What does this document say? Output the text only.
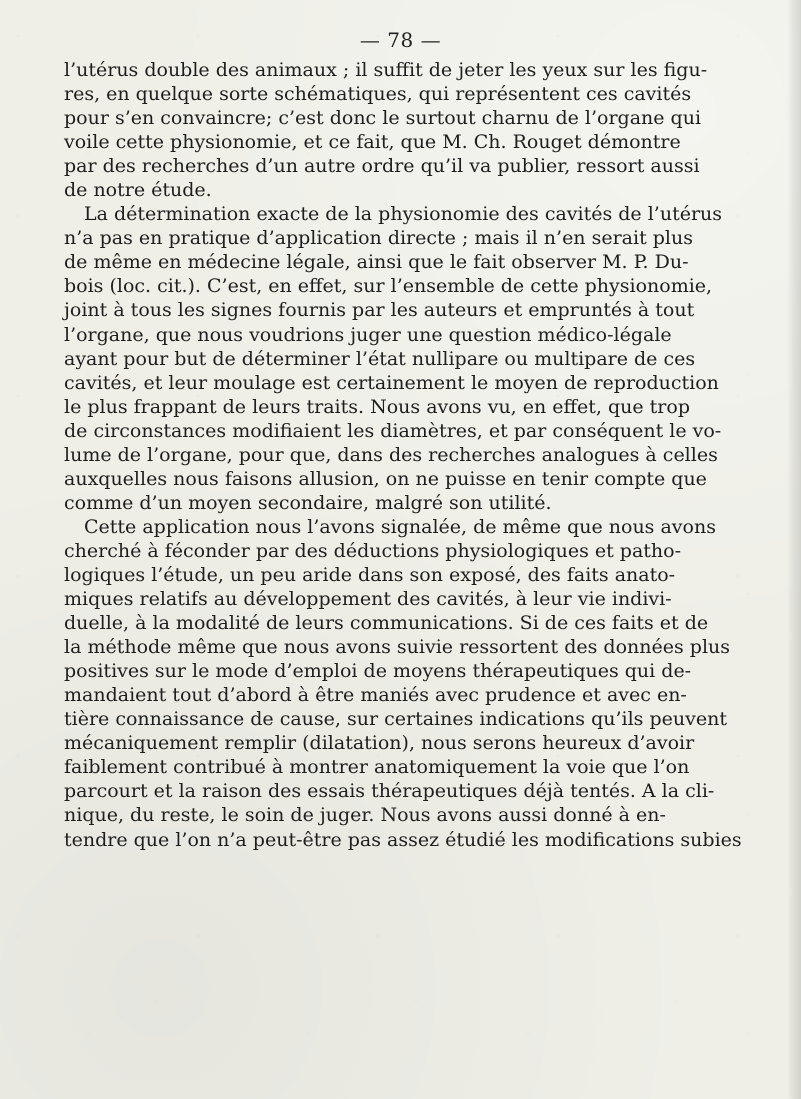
— 78 —

l’utérus double des animaux ; il suffit de jeter les yeux sur les figu-
res, en quelque sorte schématiques, qui représentent ces cavités
pour s’en convaincre; c’est donc le surtout charnu de l’organe qui
voile cette physionomie, et ce fait, que M. Ch. Rouget démontre
par des recherches d’un autre ordre qu’il va publier, ressort aussi
de notre étude.

La détermination exacte de la physionomie des cavités de l’utérus
n’a pas en pratique d’application directe ; mais il n’en serait plus
de même en médecine légale, ainsi que le fait observer M. P. Du-
bois (loc. cit.). C’est, en effet, sur l’ensemble de cette physionomie,
joint à tous les signes fournis par les auteurs et empruntés à tout
l’organe, que nous voudrions juger une question médico-légale
ayant pour but de déterminer l’état nullipare ou multipare de ces
cavités, et leur moulage est certainement le moyen de reproduction
le plus frappant de leurs traits. Nous avons vu, en effet, que trop
de circonstances modifiaient les diamètres, et par conséquent le vo-
lume de l’organe, pour que, dans des recherches analogues à celles
auxquelles nous faisons allusion, on ne puisse en tenir compte que
comme d’un moyen secondaire, malgré son utilité.

Cette application nous l’avons signalée, de même que nous avons
cherché à féconder par des déductions physiologiques et patho-
logiques l’étude, un peu aride dans son exposé, des faits anato-
miques relatifs au développement des cavités, à leur vie indivi-
duelle, à la modalité de leurs communications. Si de ces faits et de
la méthode même que nous avons suivie ressortent des données plus
positives sur le mode d’emploi de moyens thérapeutiques qui de-
mandaient tout d’abord à être maniés avec prudence et avec en-
tière connaissance de cause, sur certaines indications qu’ils peuvent
mécaniquement remplir (dilatation), nous serons heureux d’avoir
faiblement contribué à montrer anatomiquement la voie que l’on
parcourt et la raison des essais thérapeutiques déjà tentés. A la cli-
nique, du reste, le soin de juger. Nous avons aussi donné à en-
tendre que l’on n’a peut-être pas assez étudié les modifications subies
